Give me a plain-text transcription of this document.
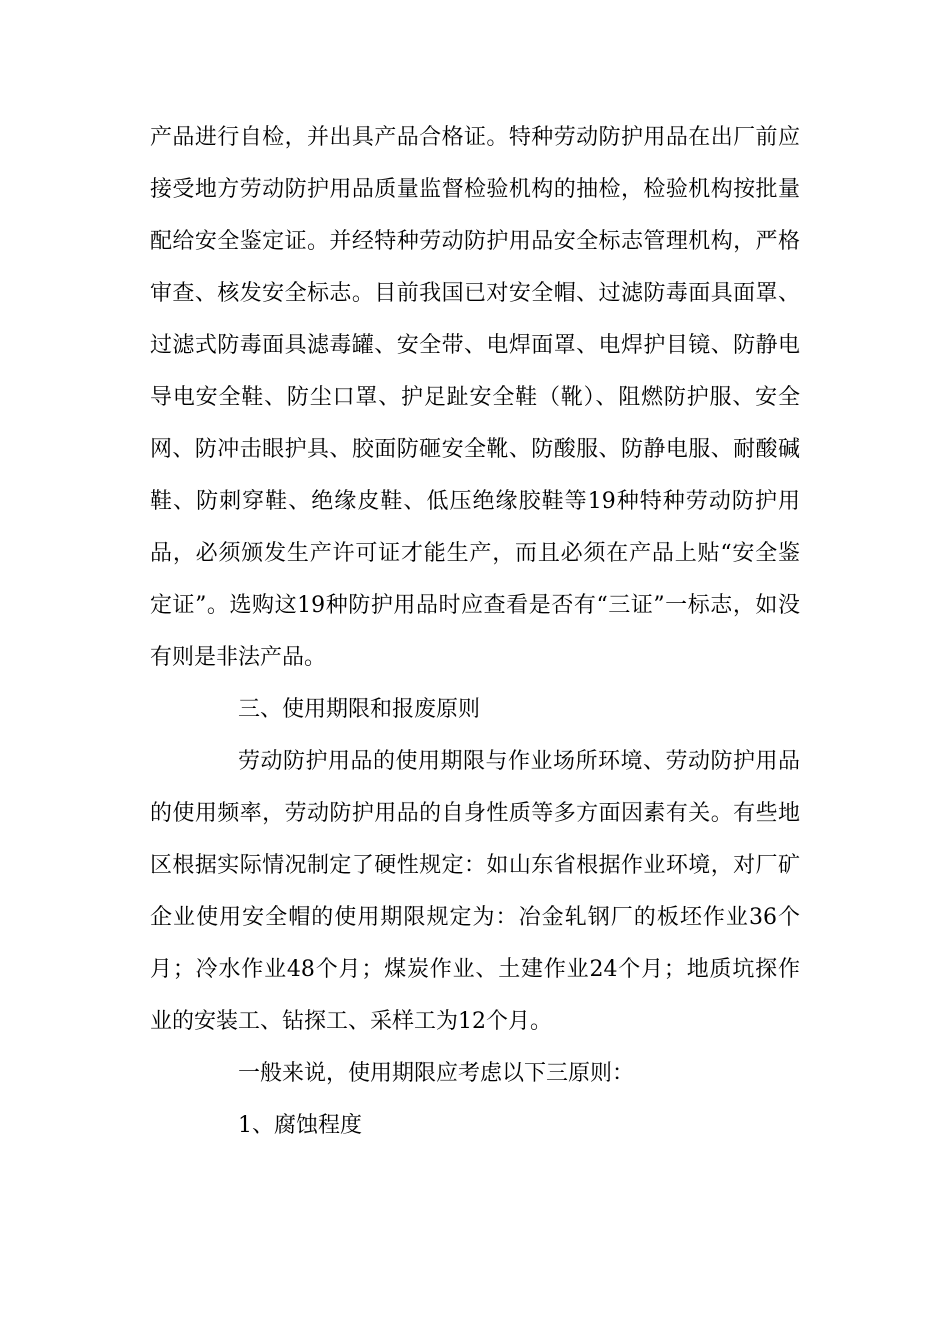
产品进行自检，并出具产品合格证。特种劳动防护用品在出厂前应
接受地方劳动防护用品质量监督检验机构的抽检，检验机构按批量
配给安全鉴定证。并经特种劳动防护用品安全标志管理机构，严格
审查、核发安全标志。目前我国已对安全帽、过滤防毒面具面罩、
过滤式防毒面具滤毒罐、安全带、电焊面罩、电焊护目镜、防静电
导电安全鞋、防尘口罩、护足趾安全鞋（靴）、阻燃防护服、安全
网、防冲击眼护具、胶面防砸安全靴、防酸服、防静电服、耐酸碱
鞋、防刺穿鞋、绝缘皮鞋、低压绝缘胶鞋等19种特种劳动防护用
品，必须颁发生产许可证才能生产，而且必须在产品上贴“安全鉴
定证”。选购这19种防护用品时应查看是否有“三证”一标志，如没
有则是非法产品。
三、使用期限和报废原则
劳动防护用品的使用期限与作业场所环境、劳动防护用品
的使用频率，劳动防护用品的自身性质等多方面因素有关。有些地
区根据实际情况制定了硬性规定：如山东省根据作业环境，对厂矿
企业使用安全帽的使用期限规定为：冶金轧钢厂的板坯作业36个
月；冷水作业48个月；煤炭作业、土建作业24个月；地质坑探作
业的安装工、钻探工、采样工为12个月。
一般来说，使用期限应考虑以下三原则：
1、腐蚀程度
